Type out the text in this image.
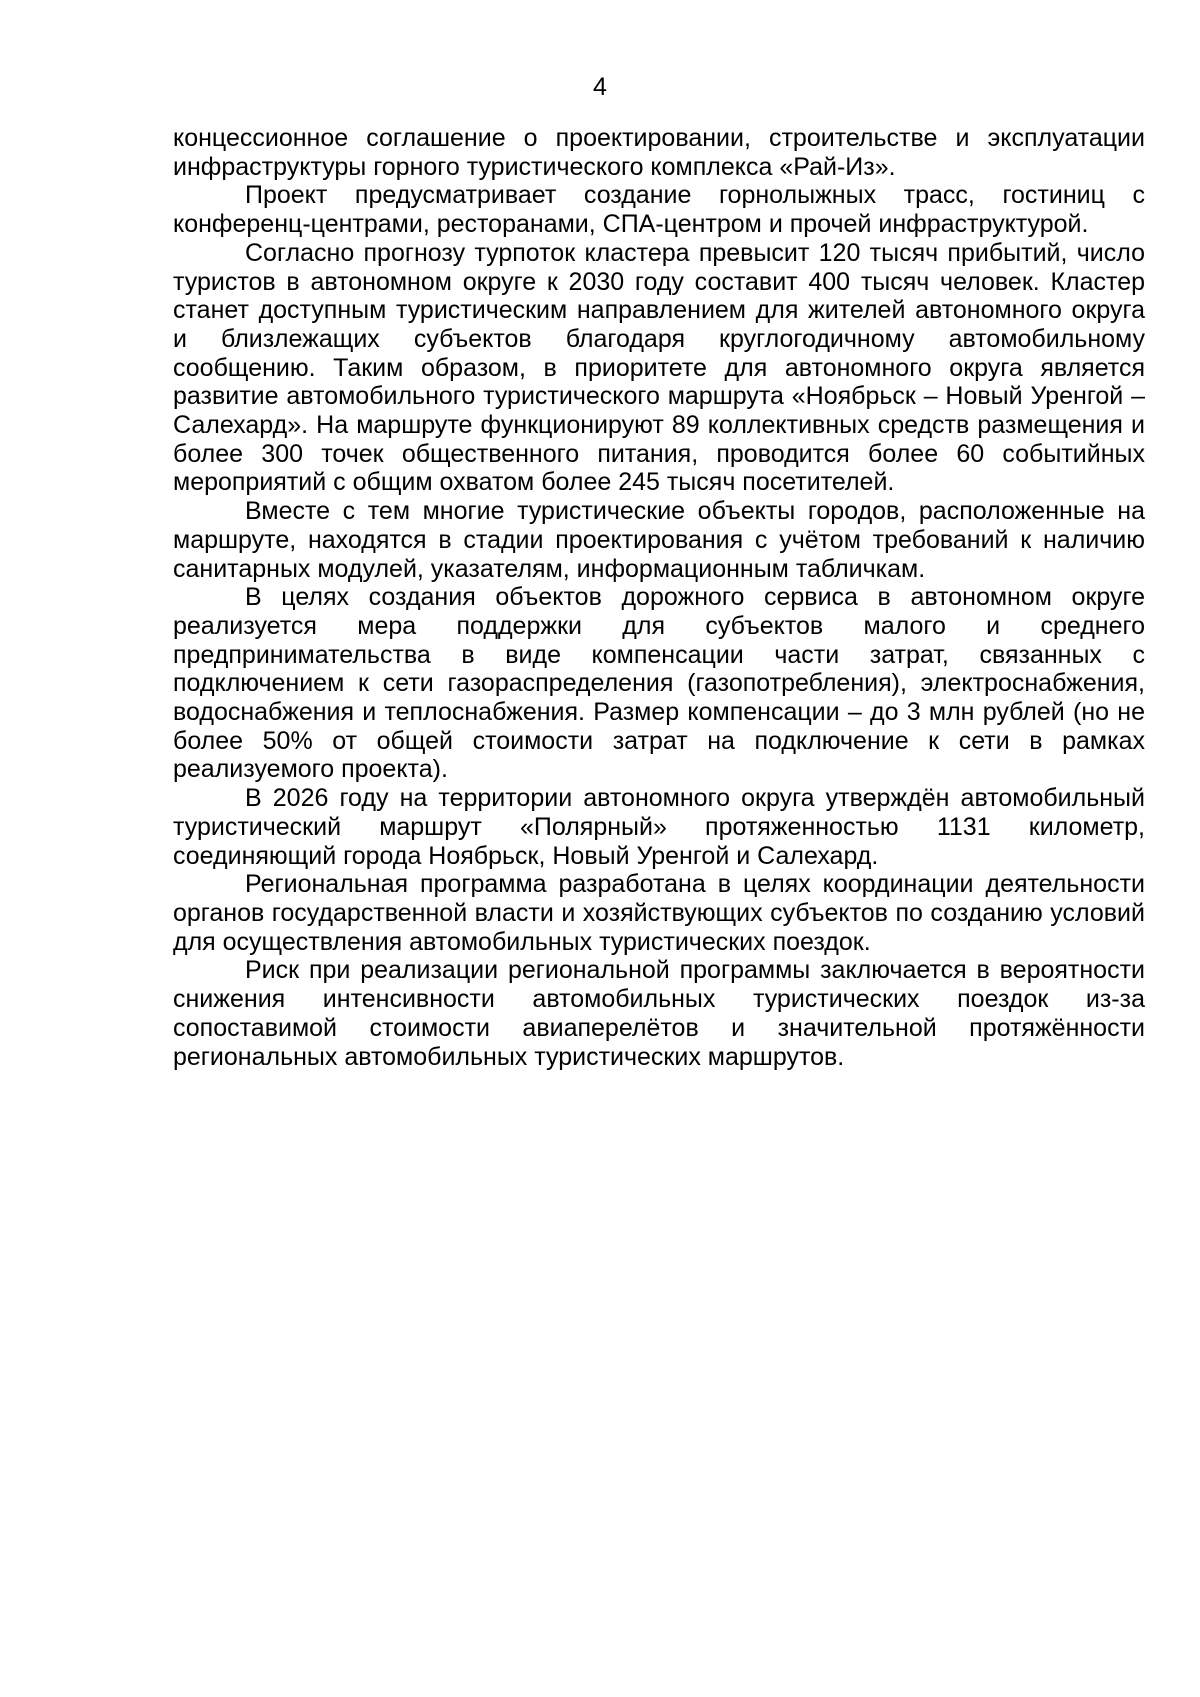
4

концессионное соглашение о проектировании, строительстве и эксплуатации инфраструктуры горного туристического комплекса «Рай-Из».

Проект предусматривает создание горнолыжных трасс, гостиниц с конференц-центрами, ресторанами, СПА-центром и прочей инфраструктурой.

Согласно прогнозу турпоток кластера превысит 120 тысяч прибытий, число туристов в автономном округе к 2030 году составит 400 тысяч человек. Кластер станет доступным туристическим направлением для жителей автономного округа и близлежащих субъектов благодаря круглогодичному автомобильному сообщению. Таким образом, в приоритете для автономного округа является развитие автомобильного туристического маршрута «Ноябрьск – Новый Уренгой – Салехард». На маршруте функционируют 89 коллективных средств размещения и более 300 точек общественного питания, проводится более 60 событийных мероприятий с общим охватом более 245 тысяч посетителей.

Вместе с тем многие туристические объекты городов, расположенные на маршруте, находятся в стадии проектирования с учётом требований к наличию санитарных модулей, указателям, информационным табличкам.

В целях создания объектов дорожного сервиса в автономном округе реализуется мера поддержки для субъектов малого и среднего предпринимательства в виде компенсации части затрат, связанных с подключением к сети газораспределения (газопотребления), электроснабжения, водоснабжения и теплоснабжения. Размер компенсации – до 3 млн рублей (но не более 50% от общей стоимости затрат на подключение к сети в рамках реализуемого проекта).

В 2026 году на территории автономного округа утверждён автомобильный туристический маршрут «Полярный» протяженностью 1131 километр, соединяющий города Ноябрьск, Новый Уренгой и Салехард.

Региональная программа разработана в целях координации деятельности органов государственной власти и хозяйствующих субъектов по созданию условий для осуществления автомобильных туристических поездок.

Риск при реализации региональной программы заключается в вероятности снижения интенсивности автомобильных туристических поездок из-за сопоставимой стоимости авиаперелётов и значительной протяжённости региональных автомобильных туристических маршрутов.
